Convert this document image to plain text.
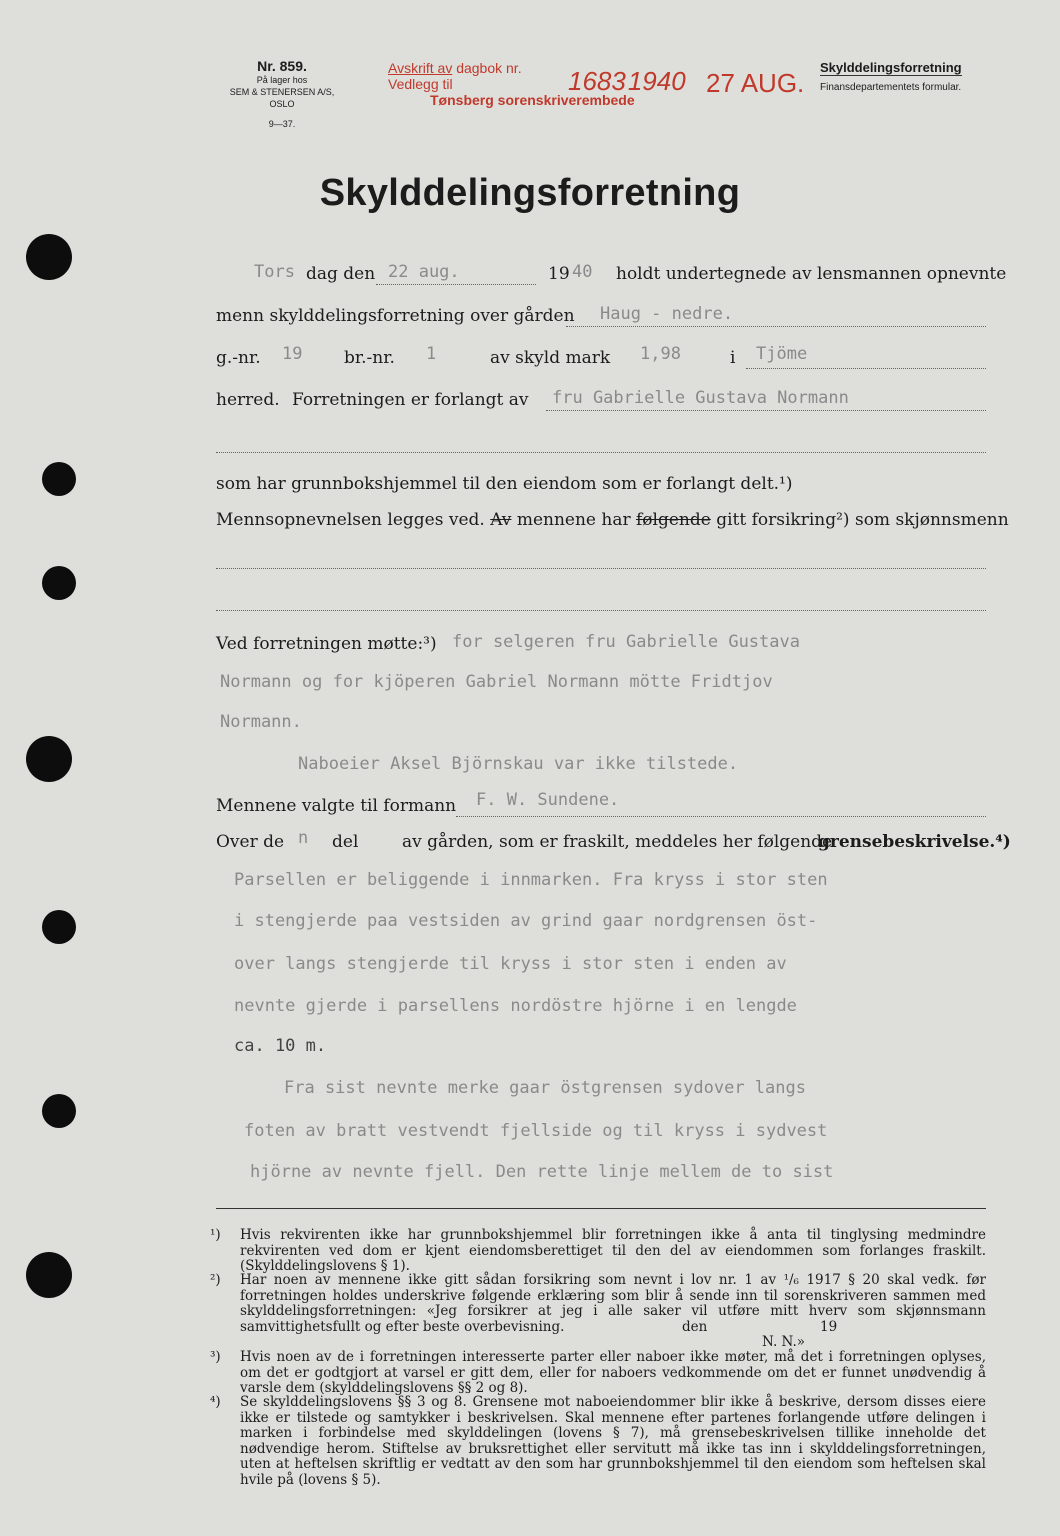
Nr. 859.
På lager hos
SEM & STENERSEN A/S, OSLO
9—37.
Avskrift av dagbok nr.
Vedlegg til
Tønsberg sorenskriverembede
16831940 27 AUG.
Skylddelingsforretning
Finansdepartementets formular.
Skylddelingsforretning
Tors dag den 22 aug.	19 40 holdt undertegnede av lensmannen opnevnte
menn skylddelingsforretning over gården Haug - nedre.
g.-nr. 19 br.-nr. 1	av skyld mark 1,98	i Tjöme
herred. Forretningen er forlangt av fru Gabrielle Gustava Normann
som har grunnbokshjemmel til den eiendom som er forlangt delt.¹)
Mennsopnevnelsen legges ved. Av mennene har følgende gitt forsikring²) som skjønnsmenn
Ved forretningen møtte:³) for selgeren fru Gabrielle Gustava
Normann og for kjöperen Gabriel Normann mötte Fridtjov
Normann.
Naboeier Aksel Björnskau var ikke tilstede.
Mennene valgte til formann F. W. Sundene.
Over de n del	av gården, som er fraskilt, meddeles her følgende
grensebeskrivelse.⁴)
Parsellen er beliggende i innmarken. Fra kryss i stor sten
i stengjerde paa vestsiden av grind gaar nordgrensen öst-
over langs stengjerde til kryss i stor sten i enden av
nevnte gjerde i parsellens nordöstre hjörne i en lengde
ca. 10 m.
Fra sist nevnte merke gaar östgrensen sydover langs
foten av bratt vestvendt fjellside og til kryss i sydvest
hjörne av nevnte fjell. Den rette linje mellem de to sist
¹) Hvis rekvirenten ikke har grunnbokshjemmel blir forretningen ikke å anta til tinglysing medmindre rekvirenten ved dom er kjent eiendomsberettiget til den del av eiendommen som forlanges fraskilt. (Skylddelingslovens § 1).
²) Har noen av mennene ikke gitt sådan forsikring som nevnt i lov nr. 1 av ¹/₆ 1917 § 20 skal vedk. før forretningen holdes underskrive følgende erklæring som blir å sende inn til sorenskriveren sammen med skylddelingsforretningen: «Jeg forsikrer at jeg i alle saker vil utføre mitt hverv som skjønnsmann samvittighetsfullt og efter beste overbevisning.	den	19
N. N.»
³) Hvis noen av de i forretningen interesserte parter eller naboer ikke møter, må det i forretningen oplyses, om det er godtgjort at varsel er gitt dem, eller for naboers vedkommende om det er funnet unødvendig å varsle dem (skylddelingslovens §§ 2 og 8).
⁴) Se skylddelingslovens §§ 3 og 8. Grensene mot naboeiendommer blir ikke å beskrive, dersom disses eiere ikke er tilstede og samtykker i beskrivelsen. Skal mennene efter partenes forlangende utføre delingen i marken i forbindelse med skylddelingen (lovens § 7), må grensebeskrivelsen tillike inneholde det nødvendige herom. Stiftelse av bruksrettighet eller servitutt må ikke tas inn i skylddelingsforretningen, uten at heftelsen skriftlig er vedtatt av den som har grunnbokshjemmel til den eiendom som heftelsen skal hvile på (lovens § 5).
